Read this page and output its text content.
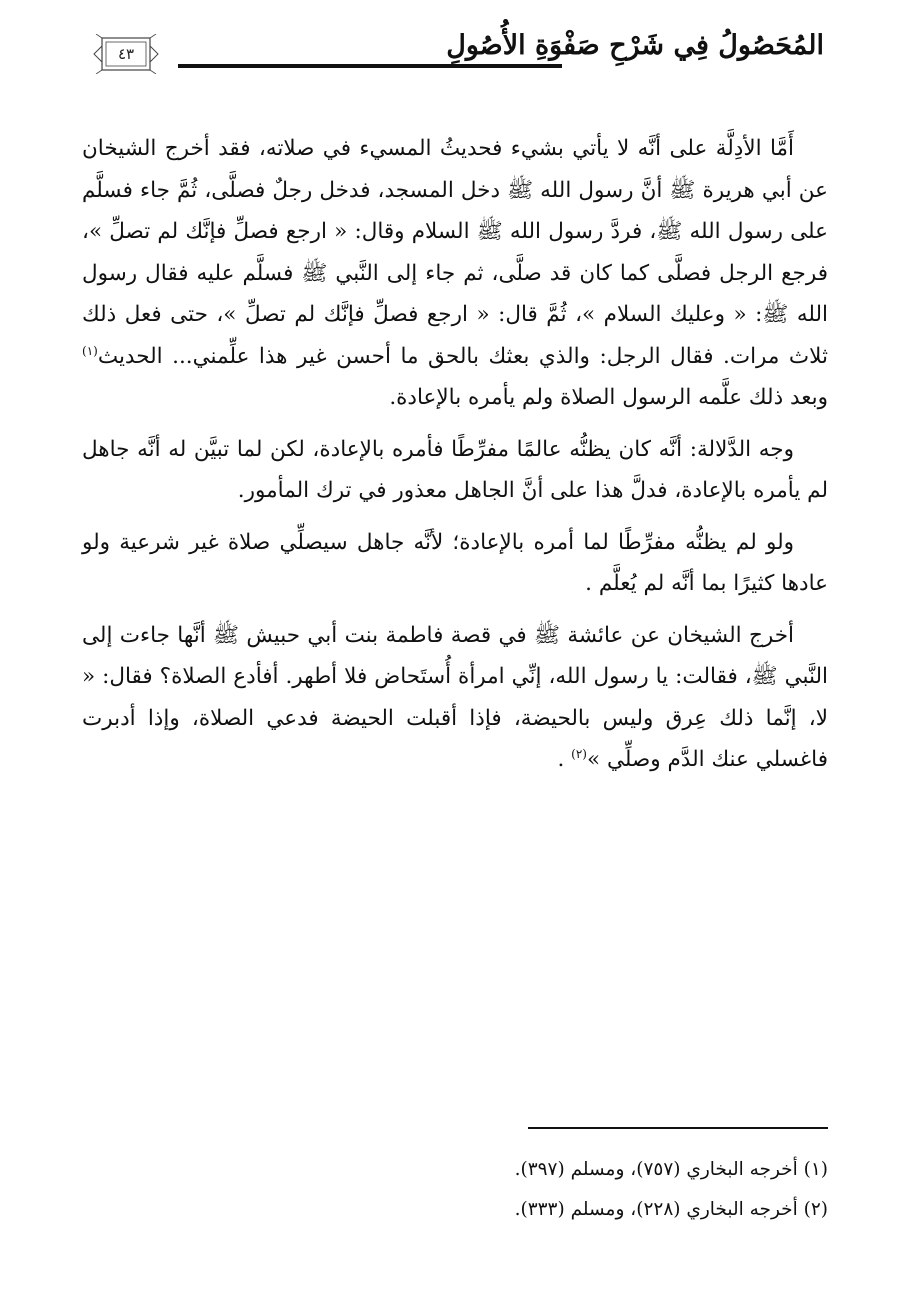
٤٣	المُحَصُولُ فِي شَرْحِ صَفْوَةِ الأُصُولِ

أَمَّا الأدِلَّة على أنَّه لا يأتي بشيء فحديثُ المسيء في صلاته، فقد أخرج الشيخان عن أبي هريرة ﷺ أنَّ رسول الله ﷺ دخل المسجد، فدخل رجلٌ فصلَّى، ثُمَّ جاء فسلَّم على رسول الله ﷺ، فردَّ رسول الله ﷺ السلام وقال: « ارجع فصلِّ فإنَّك لم تصلِّ »، فرجع الرجل فصلَّى كما كان قد صلَّى، ثم جاء إلى النَّبي ﷺ فسلَّم عليه فقال رسول الله ﷺ: « وعليك السلام »، ثُمَّ قال: « ارجع فصلِّ فإنَّك لم تصلِّ »، حتى فعل ذلك ثلاث مرات. فقال الرجل: والذي بعثك بالحق ما أحسن غير هذا علِّمني... الحديث$^{(١)}$ وبعد ذلك علَّمه الرسول الصلاة ولم يأمره بالإعادة.

وجه الدَّلالة: أنَّه كان يظنُّه عالمًا مفرِّطًا فأمره بالإعادة، لكن لما تبيَّن له أنَّه جاهل لم يأمره بالإعادة، فدلَّ هذا على أنَّ الجاهل معذور في ترك المأمور.

ولو لم يظنُّه مفرِّطًا لما أمره بالإعادة؛ لأنَّه جاهل سيصلِّي صلاة غير شرعية ولو عادها كثيرًا بما أنَّه لم يُعلَّم .

أخرج الشيخان عن عائشة ﷺ في قصة فاطمة بنت أبي حبيش ﷺ أنَّها جاءت إلى النَّبي ﷺ، فقالت: يا رسول الله، إنِّي امرأة أُستَحاض فلا أطهر. أفأدع الصلاة؟ فقال: « لا، إنَّما ذلك عِرق وليس بالحيضة، فإذا أقبلت الحيضة فدعي الصلاة، وإذا أدبرت فاغسلي عنك الدَّم وصلِّي »$^{(٢)}$ .

(١) أخرجه البخاري (٧٥٧)، ومسلم (٣٩٧).

(٢) أخرجه البخاري (٢٢٨)، ومسلم (٣٣٣).
